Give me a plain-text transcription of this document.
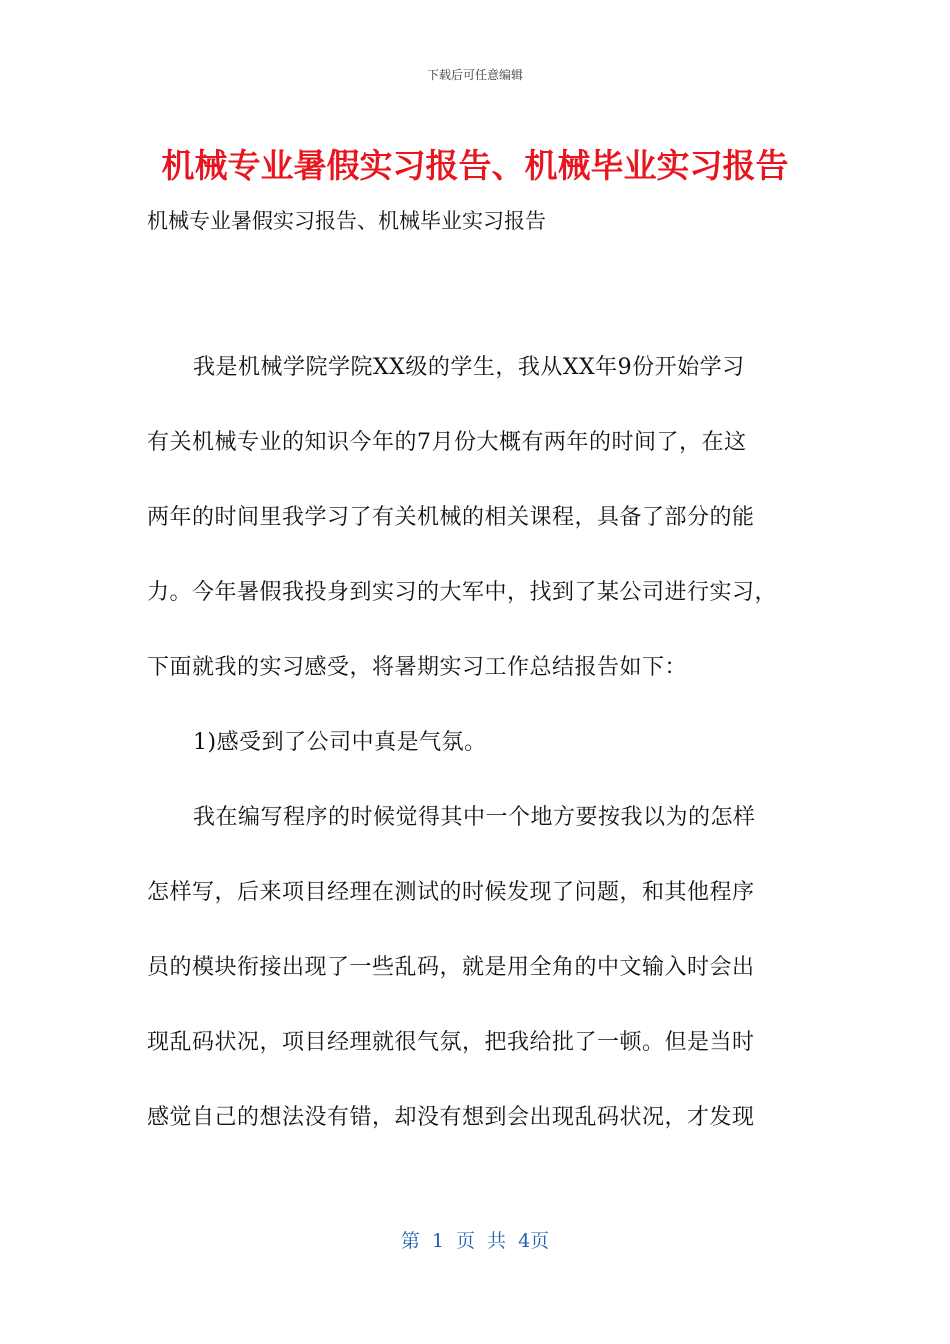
下载后可任意编辑
机械专业暑假实习报告、机械毕业实习报告
机械专业暑假实习报告、机械毕业实习报告
我是机械学院学院XX级的学生，我从XX年9份开始学习
有关机械专业的知识今年的7月份大概有两年的时间了，在这
两年的时间里我学习了有关机械的相关课程，具备了部分的能
力。今年暑假我投身到实习的大军中，找到了某公司进行实习，
下面就我的实习感受，将暑期实习工作总结报告如下：
1)感受到了公司中真是气氛。
我在编写程序的时候觉得其中一个地方要按我以为的怎样
怎样写，后来项目经理在测试的时候发现了问题，和其他程序
员的模块衔接出现了一些乱码，就是用全角的中文输入时会出
现乱码状况，项目经理就很气氛，把我给批了一顿。但是当时
感觉自己的想法没有错，却没有想到会出现乱码状况，才发现
第 1 页 共 4页
